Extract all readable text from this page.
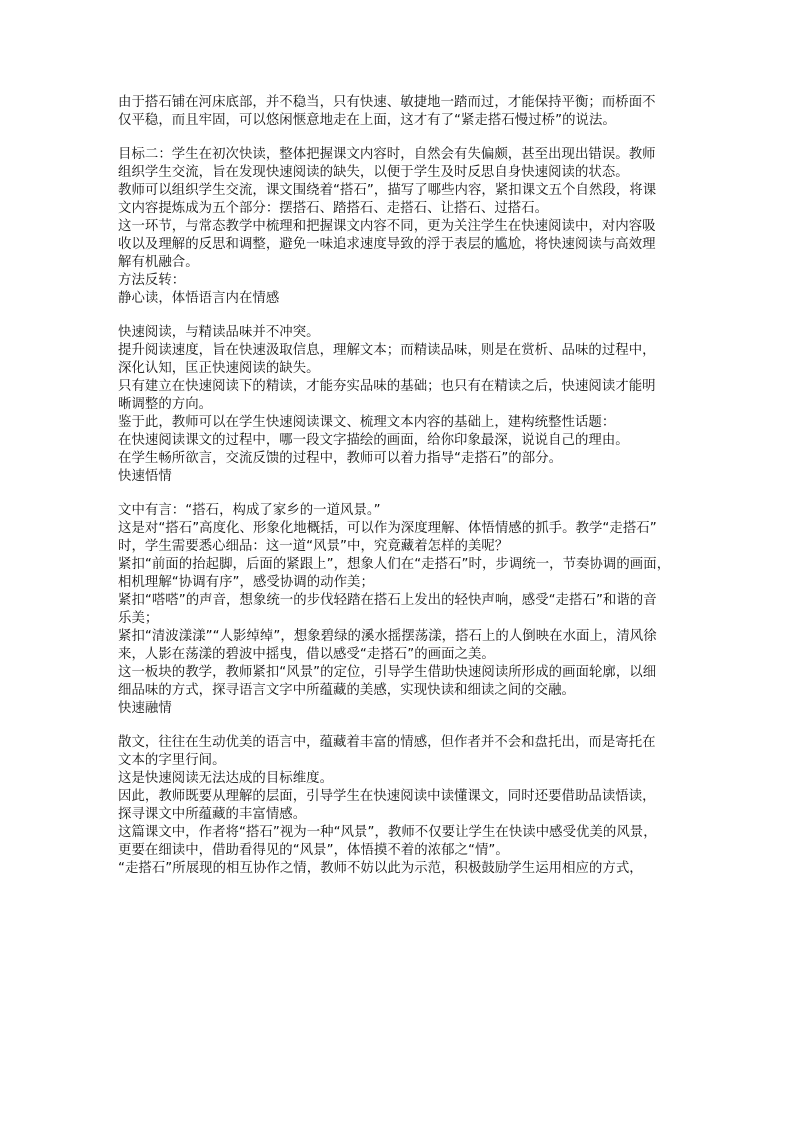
由于搭石铺在河床底部，并不稳当，只有快速、敏捷地一踏而过，才能保持平衡；而桥面不
仅平稳，而且牢固，可以悠闲惬意地走在上面，这才有了“紧走搭石慢过桥”的说法。
目标二：学生在初次快读，整体把握课文内容时，自然会有失偏颇，甚至出现出错误。教师
组织学生交流，旨在发现快速阅读的缺失，以便于学生及时反思自身快速阅读的状态。
教师可以组织学生交流，课文围绕着“搭石”，描写了哪些内容，紧扣课文五个自然段，将课
文内容提炼成为五个部分：摆搭石、踏搭石、走搭石、让搭石、过搭石。
这一环节，与常态教学中梳理和把握课文内容不同，更为关注学生在快速阅读中，对内容吸
收以及理解的反思和调整，避免一味追求速度导致的浮于表层的尴尬，将快速阅读与高效理
解有机融合。
方法反转：
静心读，体悟语言内在情感
快速阅读，与精读品味并不冲突。
提升阅读速度，旨在快速汲取信息，理解文本；而精读品味，则是在赏析、品味的过程中，
深化认知，匡正快速阅读的缺失。
只有建立在快速阅读下的精读，才能夯实品味的基础；也只有在精读之后，快速阅读才能明
晰调整的方向。
鉴于此，教师可以在学生快速阅读课文、梳理文本内容的基础上，建构统整性话题：
在快速阅读课文的过程中，哪一段文字描绘的画面，给你印象最深，说说自己的理由。
在学生畅所欲言，交流反馈的过程中，教师可以着力指导“走搭石”的部分。
快速悟情
文中有言：“搭石，构成了家乡的一道风景。”
这是对“搭石”高度化、形象化地概括，可以作为深度理解、体悟情感的抓手。教学“走搭石”
时，学生需要悉心细品：这一道“风景”中，究竟藏着怎样的美呢？
紧扣“前面的抬起脚，后面的紧跟上”，想象人们在“走搭石”时，步调统一，节奏协调的画面，
相机理解“协调有序”，感受协调的动作美；
紧扣“嗒嗒”的声音，想象统一的步伐轻踏在搭石上发出的轻快声响，感受“走搭石”和谐的音
乐美；
紧扣“清波漾漾”“人影绰绰”，想象碧绿的溪水摇摆荡漾，搭石上的人倒映在水面上，清风徐
来，人影在荡漾的碧波中摇曳，借以感受“走搭石”的画面之美。
这一板块的教学，教师紧扣“风景”的定位，引导学生借助快速阅读所形成的画面轮廓，以细
细品味的方式，探寻语言文字中所蕴藏的美感，实现快读和细读之间的交融。
快速融情
散文，往往在生动优美的语言中，蕴藏着丰富的情感，但作者并不会和盘托出，而是寄托在
文本的字里行间。
这是快速阅读无法达成的目标维度。
因此，教师既要从理解的层面，引导学生在快速阅读中读懂课文，同时还要借助品读悟读，
探寻课文中所蕴藏的丰富情感。
这篇课文中，作者将“搭石”视为一种“风景”，教师不仅要让学生在快读中感受优美的风景，
更要在细读中，借助看得见的“风景”，体悟摸不着的浓郁之“情”。
“走搭石”所展现的相互协作之情，教师不妨以此为示范，积极鼓励学生运用相应的方式，
